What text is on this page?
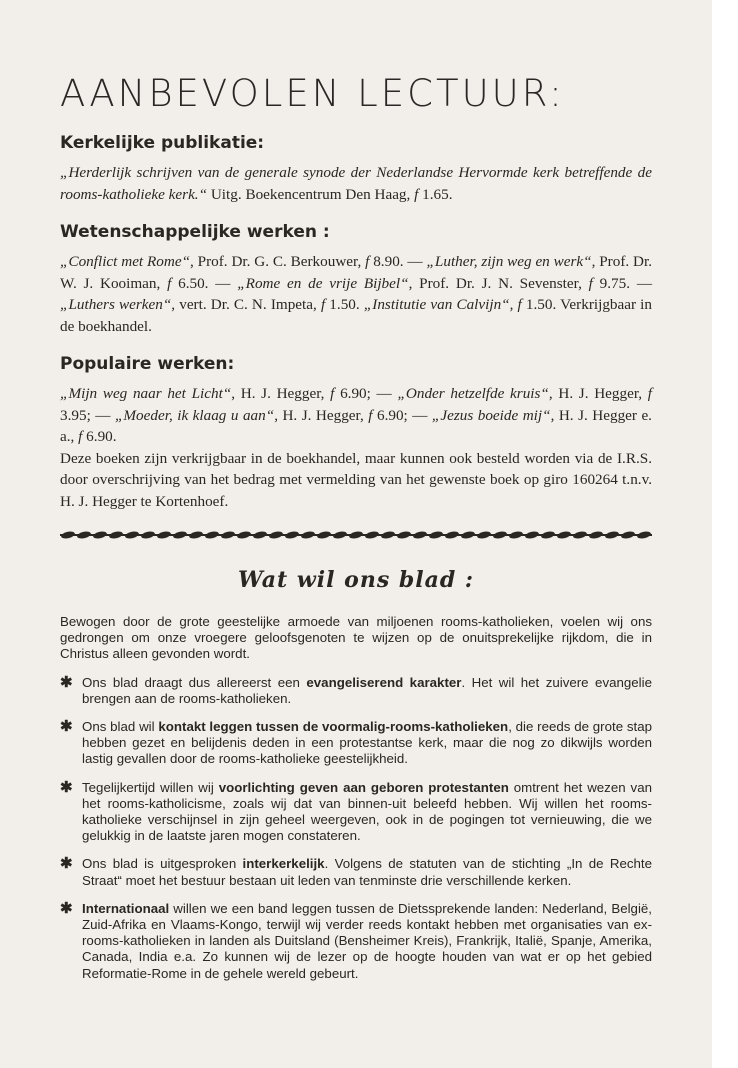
AANBEVOLEN LECTUUR:
Kerkelijke publikatie:

„Herderlijk schrijven van de generale synode der Nederlandse Hervormde kerk betreffende de rooms-katholieke kerk.“ Uitg. Boekencentrum Den Haag, f 1.65.

Wetenschappelijke werken :

„Conflict met Rome“, Prof. Dr. G. C. Berkouwer, f 8.90. — „Luther, zijn weg en werk“, Prof. Dr. W. J. Kooiman, f 6.50. — „Rome en de vrije Bijbel“, Prof. Dr. J. N. Sevenster, f 9.75. — „Luthers werken“, vert. Dr. C. N. Impeta, f 1.50. „Institutie van Calvijn“, f 1.50. Verkrijgbaar in de boekhandel.

Populaire werken:

„Mijn weg naar het Licht“, H. J. Hegger, f 6.90; — „Onder hetzelfde kruis“, H. J. Hegger, f 3.95; — „Moeder, ik klaag u aan“, H. J. Hegger, f 6.90; — „Jezus boeide mij“, H. J. Hegger e. a., f 6.90.
Deze boeken zijn verkrijgbaar in de boekhandel, maar kunnen ook besteld worden via de I.R.S. door overschrijving van het bedrag met vermelding van het gewenste boek op giro 160264 t.n.v. H. J. Hegger te Kortenhoef.

Wat wil ons blad :

Bewogen door de grote geestelijke armoede van miljoenen rooms-katholieken, voelen wij ons gedrongen om onze vroegere geloofsgenoten te wijzen op de onuitsprekelijke rijkdom, die in Christus alleen gevonden wordt.

✱ Ons blad draagt dus allereerst een evangeliserend karakter. Het wil het zuivere evangelie brengen aan de rooms-katholieken.

✱ Ons blad wil kontakt leggen tussen de voormalig-rooms-katholieken, die reeds de grote stap hebben gezet en belijdenis deden in een protestantse kerk, maar die nog zo dikwijls worden lastig gevallen door de rooms-katholieke geestelijkheid.

✱ Tegelijkertijd willen wij voorlichting geven aan geboren protestanten omtrent het wezen van het rooms-katholicisme, zoals wij dat van binnen-uit beleefd hebben. Wij willen het rooms-katholieke verschijnsel in zijn geheel weergeven, ook in de pogingen tot vernieuwing, die we gelukkig in de laatste jaren mogen constateren.

✱ Ons blad is uitgesproken interkerkelijk. Volgens de statuten van de stichting „In de Rechte Straat“ moet het bestuur bestaan uit leden van tenminste drie verschillende kerken.

✱ Internationaal willen we een band leggen tussen de Dietssprekende landen: Nederland, België, Zuid-Afrika en Vlaams-Kongo, terwijl wij verder reeds kontakt hebben met organisaties van ex-rooms-katholieken in landen als Duitsland (Bensheimer Kreis), Frankrijk, Italië, Spanje, Amerika, Canada, India e.a. Zo kunnen wij de lezer op de hoogte houden van wat er op het gebied Reformatie-Rome in de gehele wereld gebeurt.
